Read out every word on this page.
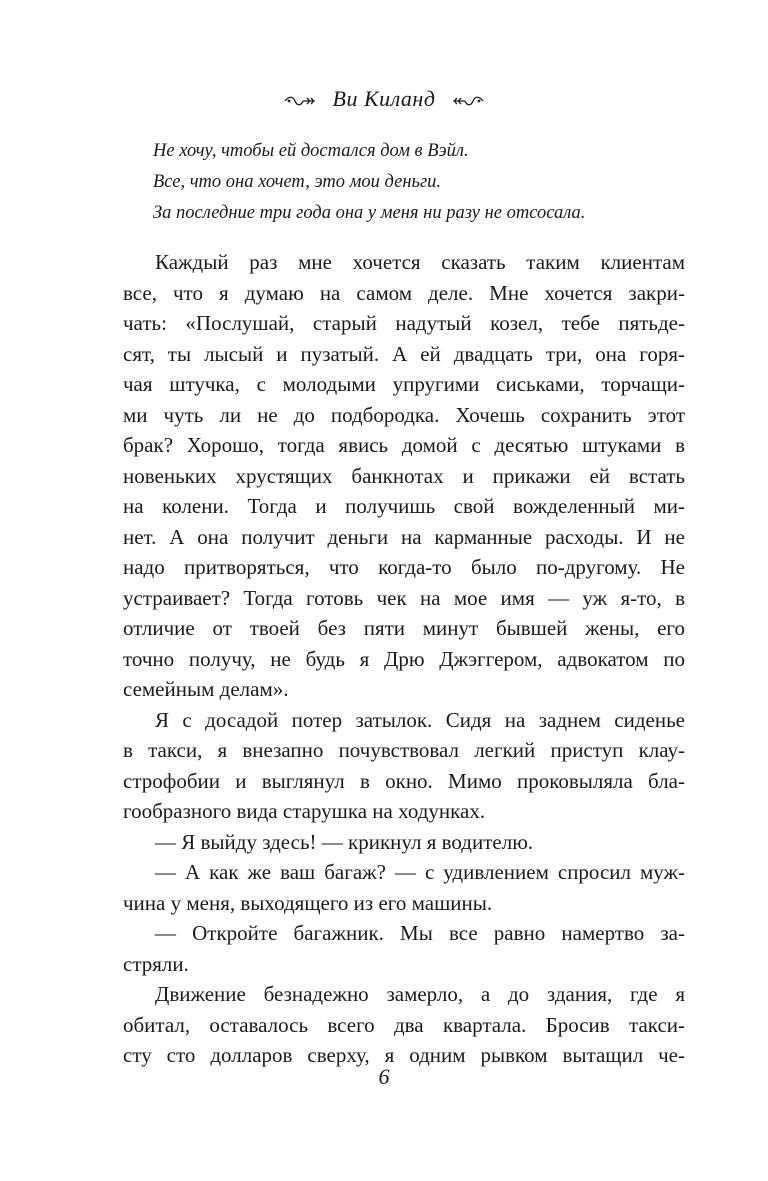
Ви Киланд
Не хочу, чтобы ей достался дом в Вэйл.
Все, что она хочет, это мои деньги.
За последние три года она у меня ни разу не отсосала.
Каждый раз мне хочется сказать таким клиентам
все, что я думаю на самом деле. Мне хочется закри-
чать: «Послушай, старый надутый козел, тебе пятьде-
сят, ты лысый и пузатый. А ей двадцать три, она горя-
чая штучка, с молодыми упругими сиськами, торчащи-
ми чуть ли не до подбородка. Хочешь сохранить этот
брак? Хорошо, тогда явись домой с десятью штуками в
новеньких хрустящих банкнотах и прикажи ей встать
на колени. Тогда и получишь свой вожделенный ми-
нет. А она получит деньги на карманные расходы. И не
надо притворяться, что когда-то было по-другому. Не
устраивает? Тогда готовь чек на мое имя — уж я-то, в
отличие от твоей без пяти минут бывшей жены, его
точно получу, не будь я Дрю Джэггером, адвокатом по
семейным делам».
Я с досадой потер затылок. Сидя на заднем сиденье
в такси, я внезапно почувствовал легкий приступ клау-
строфобии и выглянул в окно. Мимо проковыляла бла-
гообразного вида старушка на ходунках.
— Я выйду здесь! — крикнул я водителю.
— А как же ваш багаж? — с удивлением спросил муж-
чина у меня, выходящего из его машины.
— Откройте багажник. Мы все равно намертво за-
стряли.
Движение безнадежно замерло, а до здания, где я
обитал, оставалось всего два квартала. Бросив такси-
сту сто долларов сверху, я одним рывком вытащил че-
6
